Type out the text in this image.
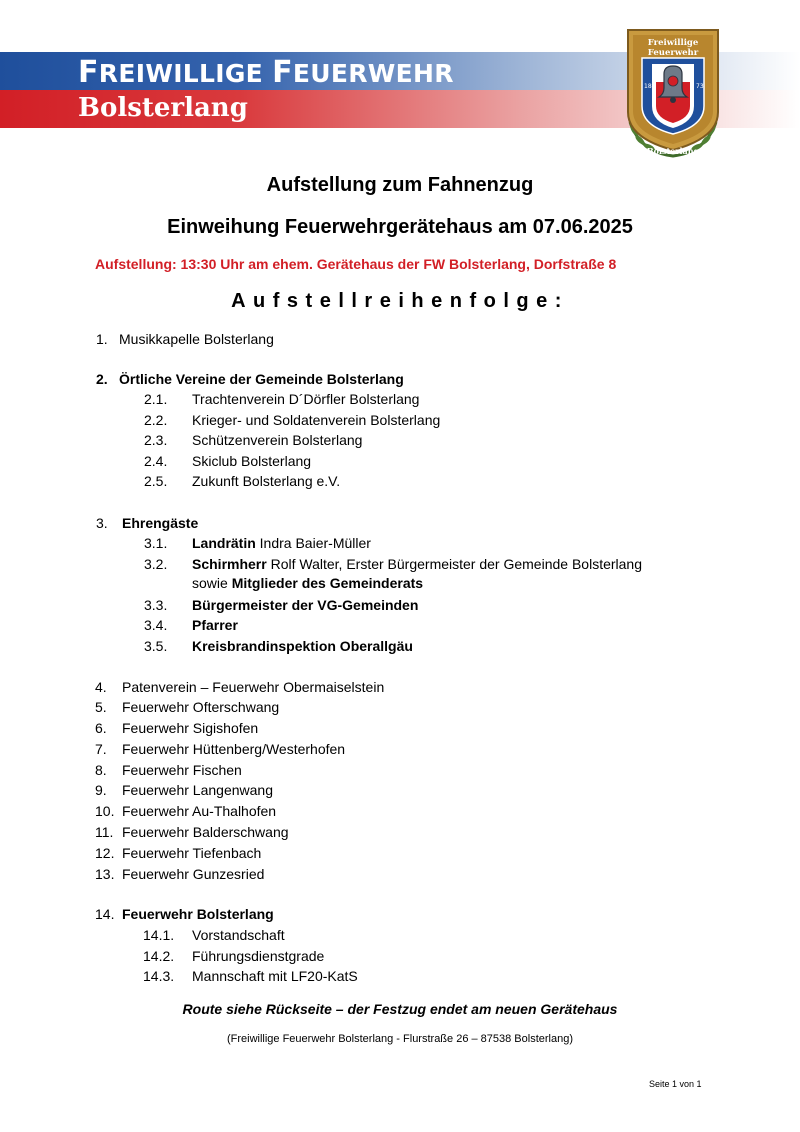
FREIWILLIGE FEUERWEHR
Bolsterlang
18	73
Freiwillige
Feuerwehr
Bolsterlang
Aufstellung zum Fahnenzug
Einweihung Feuerwehrgerätehaus am 07.06.2025
Aufstellung: 13:30 Uhr am ehem. Gerätehaus der FW Bolsterlang, Dorfstraße 8
Aufstellreihenfolge:
1. Musikkapelle Bolsterlang
2. Örtliche Vereine der Gemeinde Bolsterlang
2.1. Trachtenverein D´Dörfler Bolsterlang
2.2. Krieger- und Soldatenverein Bolsterlang
2.3. Schützenverein Bolsterlang
2.4. Skiclub Bolsterlang
2.5. Zukunft Bolsterlang e.V.
3. Ehrengäste
3.1. Landrätin Indra Baier-Müller
3.2. Schirmherr Rolf Walter, Erster Bürgermeister der Gemeinde Bolsterlang
sowie Mitglieder des Gemeinderats
3.3. Bürgermeister der VG-Gemeinden
3.4. Pfarrer
3.5. Kreisbrandinspektion Oberallgäu
4. Patenverein – Feuerwehr Obermaiselstein
5. Feuerwehr Ofterschwang
6. Feuerwehr Sigishofen
7. Feuerwehr Hüttenberg/Westerhofen
8. Feuerwehr Fischen
9. Feuerwehr Langenwang
10. Feuerwehr Au-Thalhofen
11. Feuerwehr Balderschwang
12. Feuerwehr Tiefenbach
13. Feuerwehr Gunzesried
14. Feuerwehr Bolsterlang
14.1. Vorstandschaft
14.2. Führungsdienstgrade
14.3. Mannschaft mit LF20-KatS
Route siehe Rückseite – der Festzug endet am neuen Gerätehaus
(Freiwillige Feuerwehr Bolsterlang - Flurstraße 26 – 87538 Bolsterlang)
Seite 1 von 1
